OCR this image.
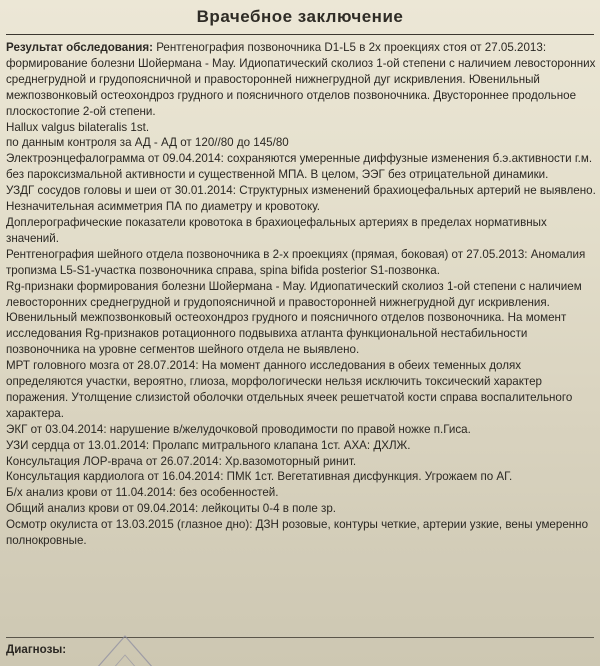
Врачебное заключение

Результат обследования: Рентгенография позвоночника D1-L5 в 2х проекциях стоя от 27.05.2013: формирование болезни Шойермана - Мау. Идиопатический сколиоз 1-ой степени с наличием левосторонних среднегрудной и грудопоясничной и правосторонней нижнегрудной дуг искривления. Ювенильный межпозвонковый остеохондроз грудного и поясничного отделов позвоночника. Двустороннее продольное плоскостопие 2-ой степени.

Hallux valgus bilateralis 1st.
по данным контроля за АД - АД от 120//80 до 145/80

Электроэнцефалограмма от 09.04.2014: сохраняются умеренные диффузные изменения б.э.активности г.м. без пароксизмальной активности и существенной МПА. В целом, ЭЭГ без отрицательной динамики.

УЗДГ сосудов головы и шеи от 30.01.2014: Структурных изменений брахиоцефальных артерий не выявлено. Незначительная асимметрия ПА по диаметру и кровотоку.
Доплерографические показатели кровотока в брахиоцефальных артериях в пределах нормативных значений.

Рентгенография шейного отдела позвоночника в 2-х проекциях (прямая, боковая) от 27.05.2013: Аномалия тропизма L5-S1-участка позвоночника справа, spina bifida posterior S1-позвонка.

Rg-признаки формирования болезни Шойермана - Мау. Идиопатический сколиоз 1-ой степени с наличием левосторонних среднегрудной и грудопоясничной и правосторонней нижнегрудной дуг искривления. Ювенильный межпозвонковый остеохондроз грудного и поясничного отделов позвоночника. На момент исследования Rg-признаков ротационного подвывиха атланта функциональной нестабильности позвоночника на уровне сегментов шейного отдела не выявлено.

МРТ головного мозга от 28.07.2014: На момент данного исследования в обеих теменных долях определяются участки, вероятно, глиоза, морфологически нельзя исключить токсический характер поражения. Утолщение слизистой оболочки отдельных ячеек решетчатой кости справа воспалительного характера.

ЭКГ от 03.04.2014: нарушение в/желудочковой проводимости по правой ножке п.Гиса.

УЗИ сердца от 13.01.2014: Пролапс митрального клапана 1ст. АХА: ДХЛЖ.

Консультация ЛОР-врача от 26.07.2014: Хр.вазомоторный ринит.

Консультация кардиолога от 16.04.2014: ПМК 1ст. Вегетативная дисфункция. Угрожаем по АГ.

Б/х анализ крови от 11.04.2014: без особенностей.

Общий анализ крови от 09.04.2014: лейкоциты 0-4 в поле зр.

Осмотр окулиста от 13.03.2015 (глазное дно): ДЗН розовые, контуры четкие, артерии узкие, вены умеренно полнокровные.

Диагнозы:
